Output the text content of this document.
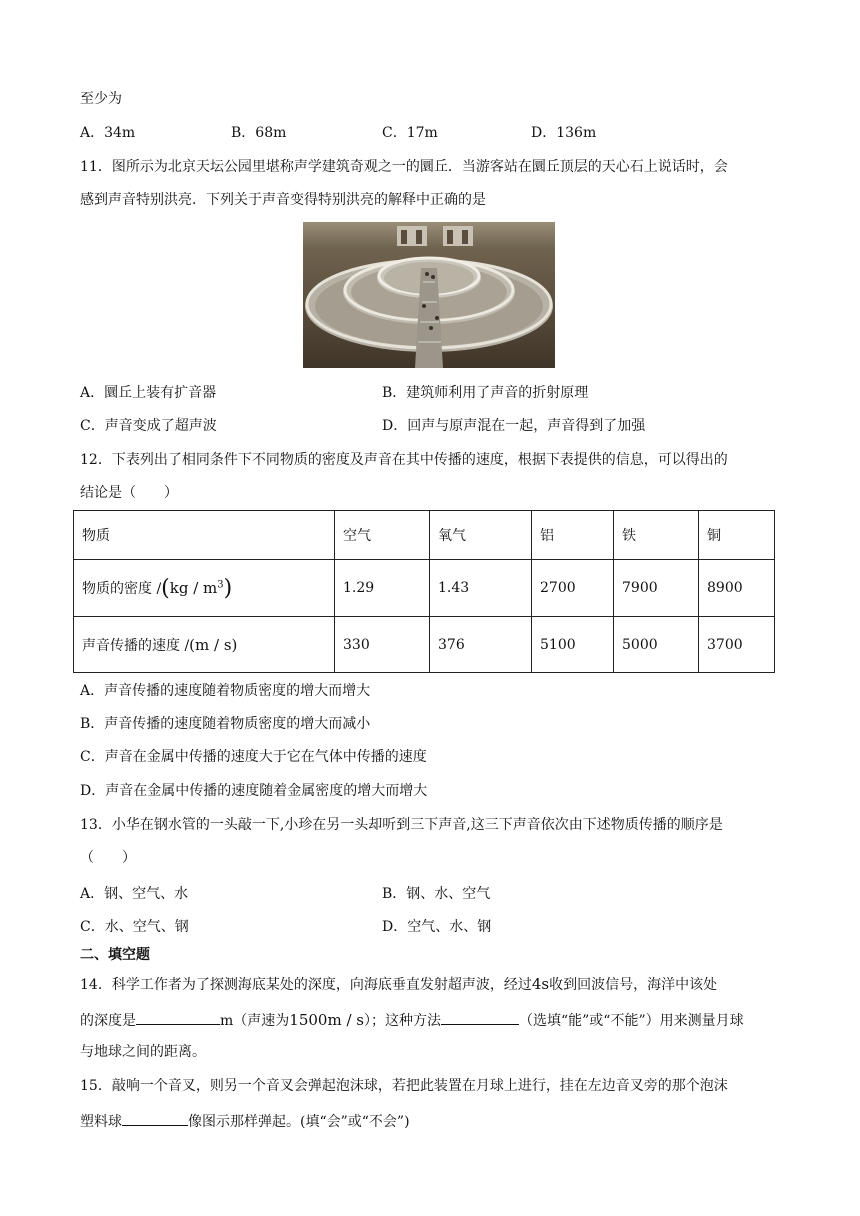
至少为
A．34m	B．68m	C．17m	D．136m
11．图所示为北京天坛公园里堪称声学建筑奇观之一的圜丘．当游客站在圜丘顶层的天心石上说话时，会
感到声音特别洪亮．下列关于声音变得特别洪亮的解释中正确的是
A．圜丘上装有扩音器	B．建筑师利用了声音的折射原理
C．声音变成了超声波	D．回声与原声混在一起，声音得到了加强
12．下表列出了相同条件下不同物质的密度及声音在其中传播的速度，根据下表提供的信息，可以得出的
结论是（　　）
物质	空气	氧气	铝	铁	铜
物质的密度 $/(kg / m^3)$	1.29	1.43	2700	7900	8900
声音传播的速度 /(m / s)	330	376	5100	5000	3700
A．声音传播的速度随着物质密度的增大而增大
B．声音传播的速度随着物质密度的增大而减小
C．声音在金属中传播的速度大于它在气体中传播的速度
D．声音在金属中传播的速度随着金属密度的增大而增大
13．小华在钢水管的一头敲一下,小珍在另一头却听到三下声音,这三下声音依次由下述物质传播的顺序是
（　　）
A．钢、空气、水	B．钢、水、空气
C．水、空气、钢	D．空气、水、钢
二、填空题
14．科学工作者为了探测海底某处的深度，向海底垂直发射超声波，经过4s收到回波信号，海洋中该处
的深度是	m（声速为1500m / s）；这种方法	（选填“能”或“不能”）用来测量月球
与地球之间的距离。
15．敲响一个音叉，则另一个音叉会弹起泡沫球，若把此装置在月球上进行，挂在左边音叉旁的那个泡沫
塑料球	像图示那样弹起。(填“会”或“不会”)
